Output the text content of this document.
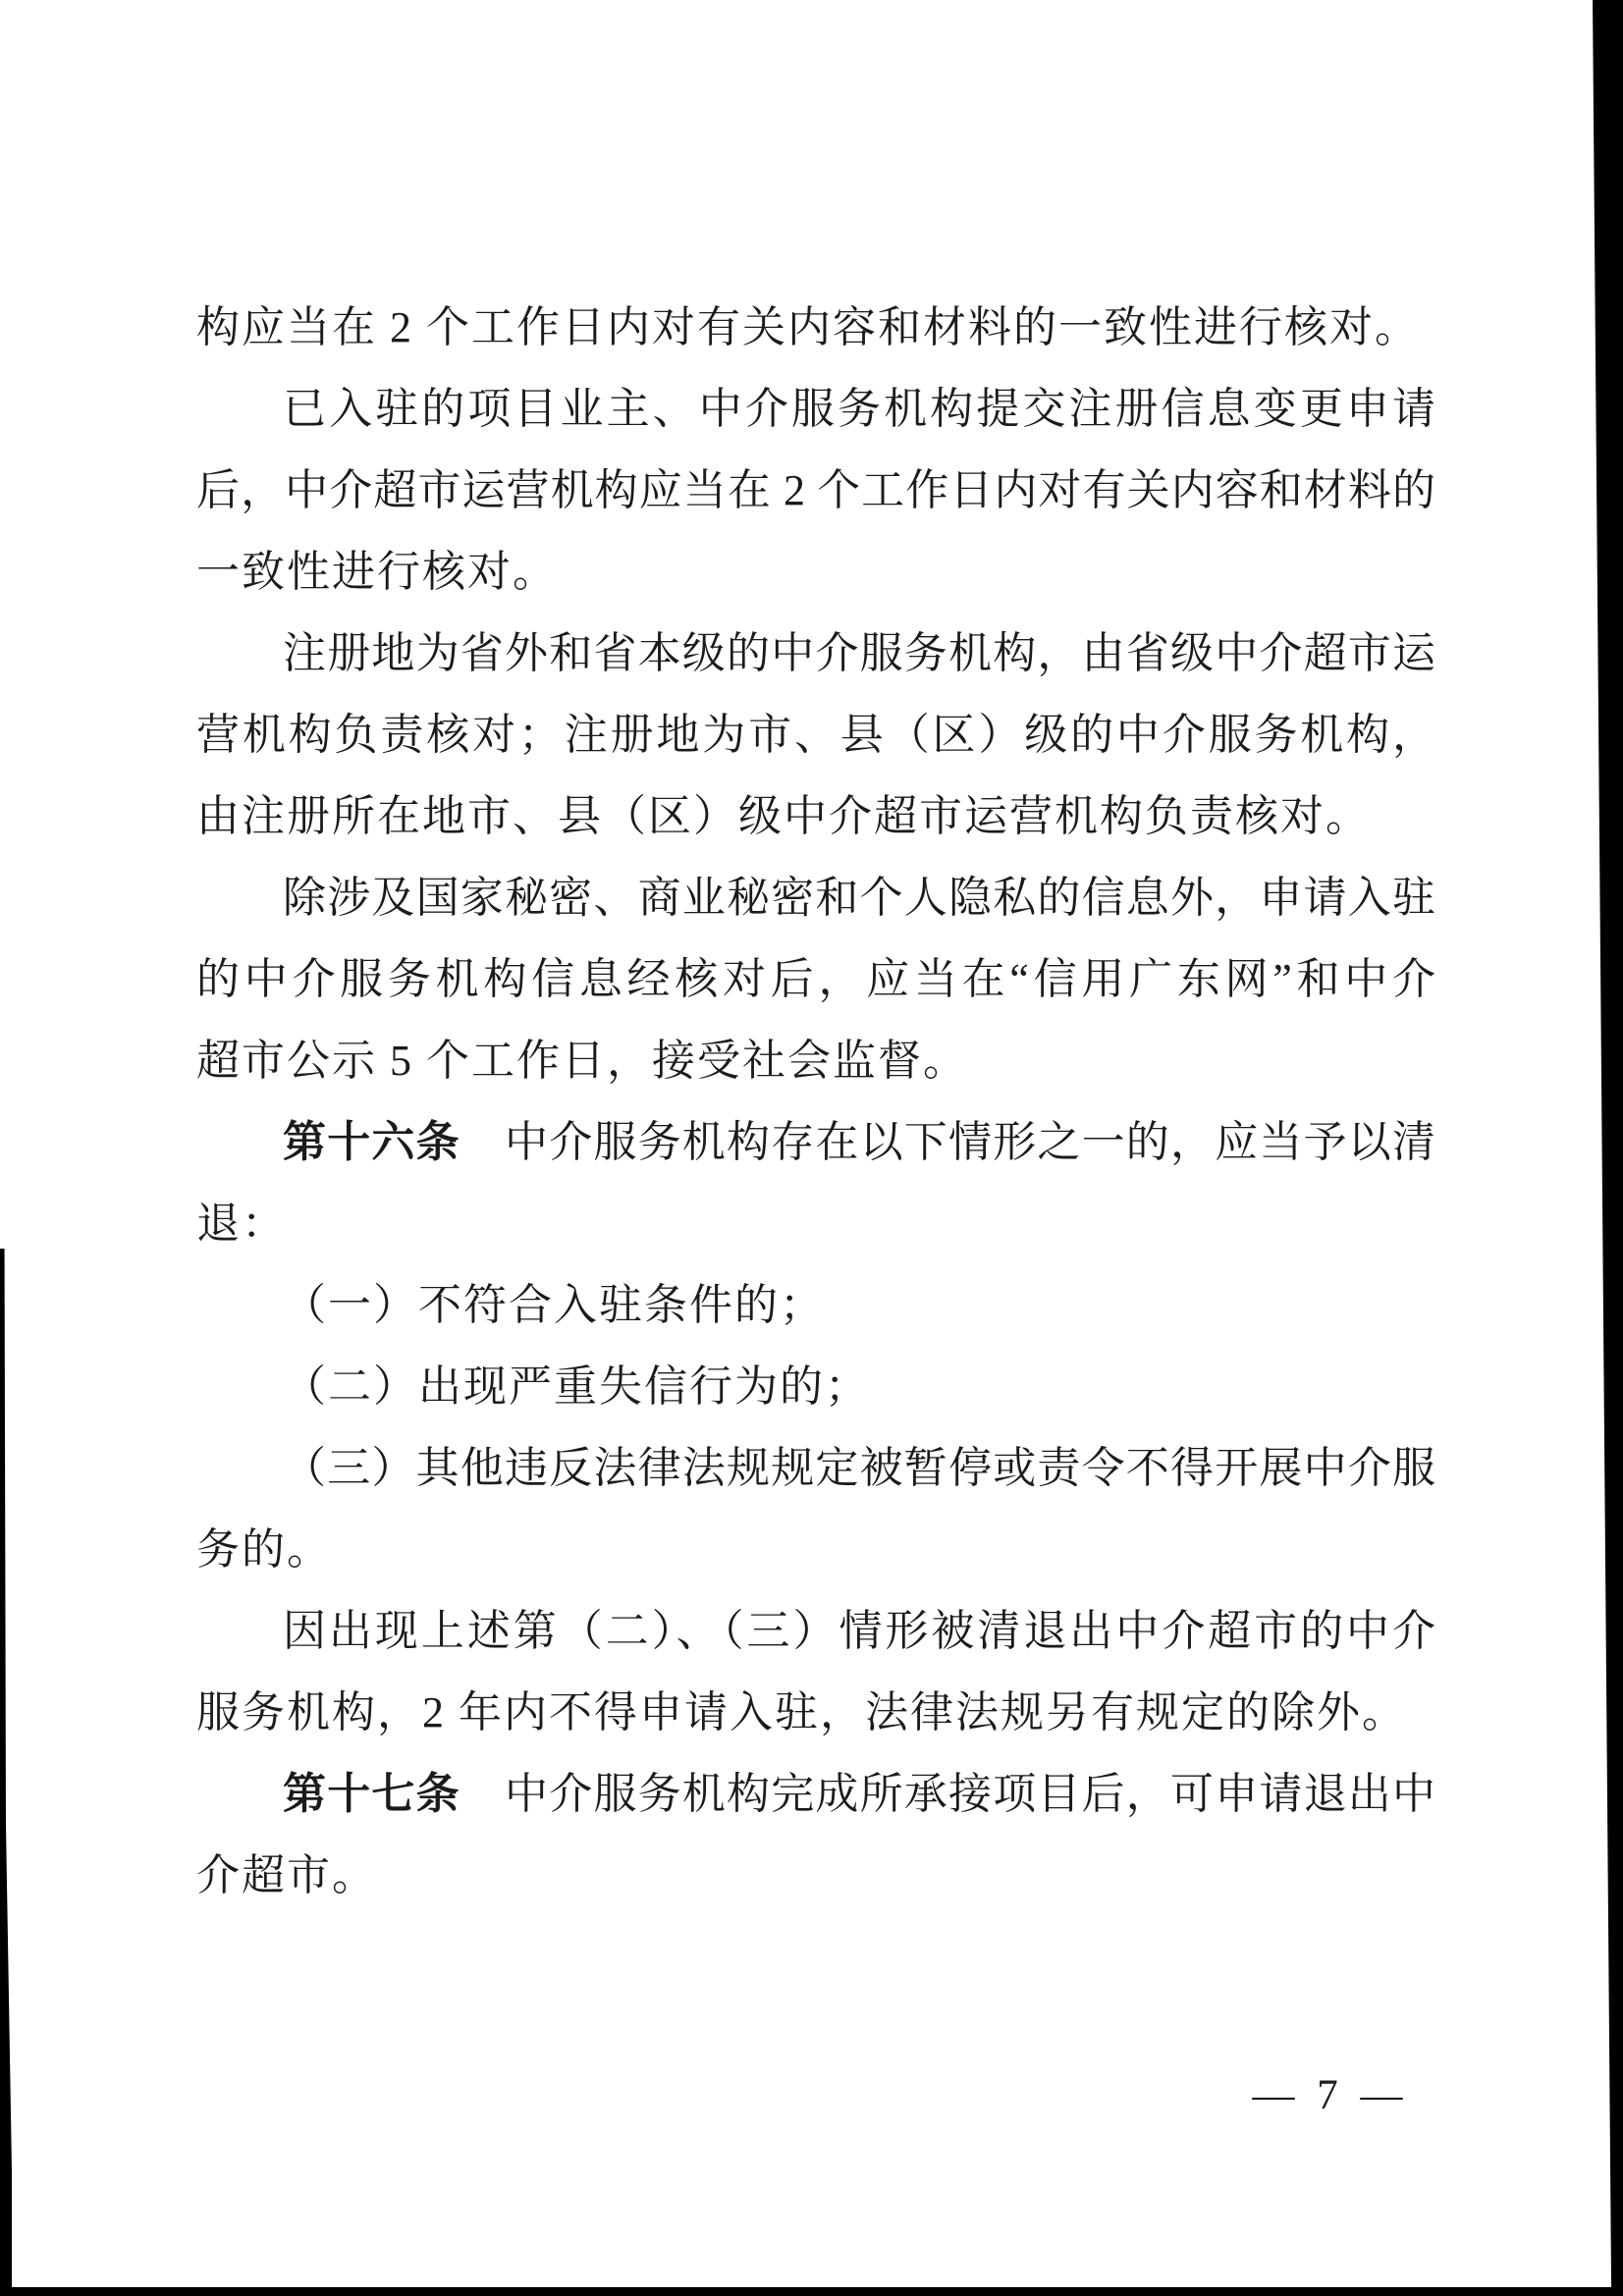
构应当在 2 个工作日内对有关内容和材料的一致性进行核对。
已入驻的项目业主、中介服务机构提交注册信息变更申请
后，中介超市运营机构应当在 2 个工作日内对有关内容和材料的
一致性进行核对。
注册地为省外和省本级的中介服务机构，由省级中介超市运
营机构负责核对；注册地为市、县（区）级的中介服务机构，
由注册所在地市、县（区）级中介超市运营机构负责核对。
除涉及国家秘密、商业秘密和个人隐私的信息外，申请入驻
的中介服务机构信息经核对后，应当在“信用广东网”和中介
超市公示 5 个工作日，接受社会监督。
第十六条　中介服务机构存在以下情形之一的，应当予以清
退：
（一）不符合入驻条件的；
（二）出现严重失信行为的；
（三）其他违反法律法规规定被暂停或责令不得开展中介服
务的。
因出现上述第（二）、（三）情形被清退出中介超市的中介
服务机构，2 年内不得申请入驻，法律法规另有规定的除外。
第十七条　中介服务机构完成所承接项目后，可申请退出中
介超市。
— 7 —
